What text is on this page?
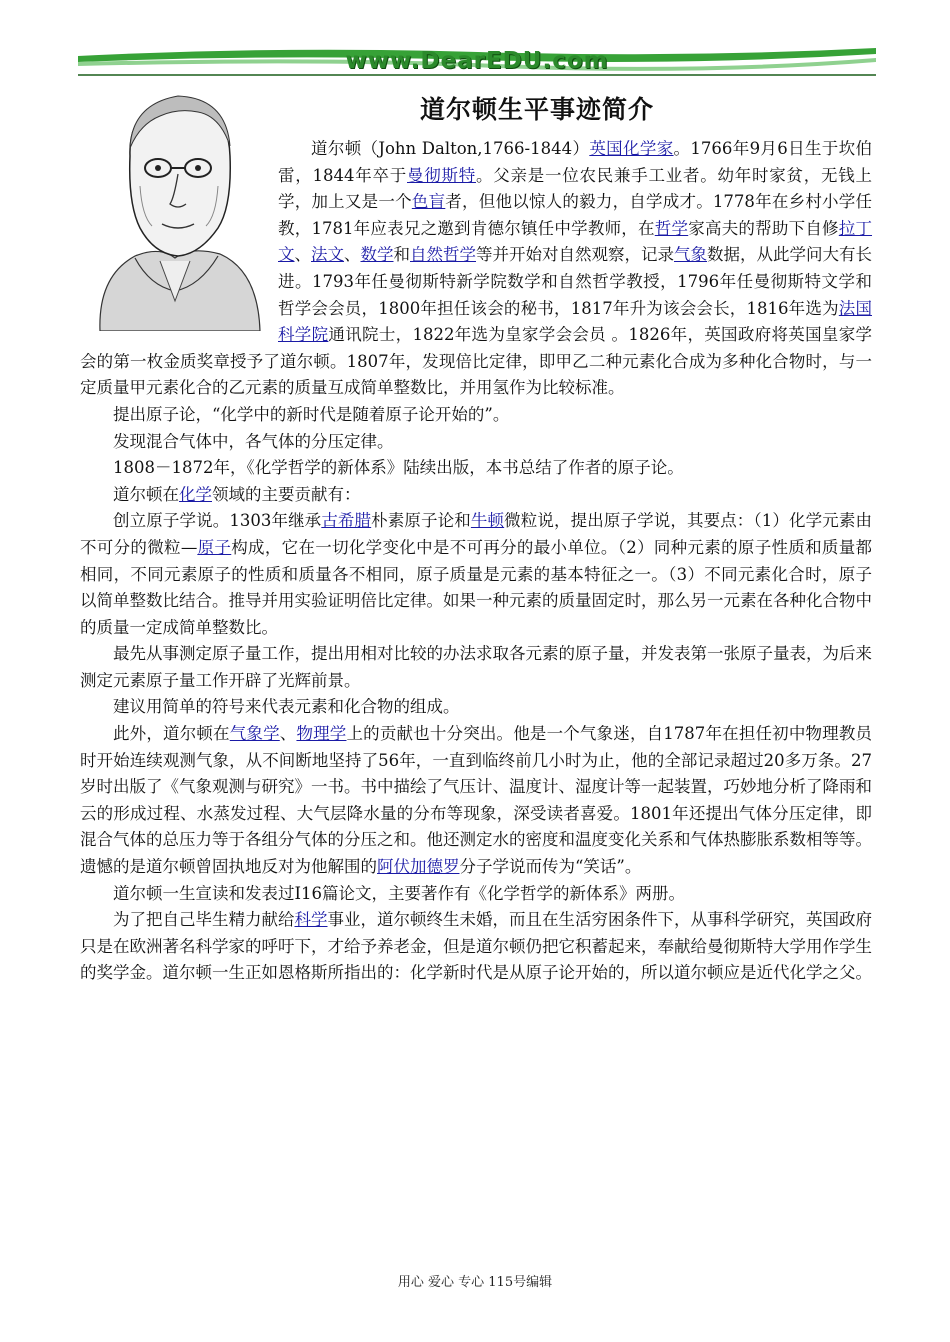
www.DearEDU.com
道尔顿生平事迹简介

道尔顿（John Dalton,1766-1844）英国化学家。1766年9月6日生于坎伯雷，1844年卒于曼彻斯特。父亲是一位农民兼手工业者。幼年时家贫，无钱上学，加上又是一个色盲者，但他以惊人的毅力，自学成才。1778年在乡村小学任教，1781年应表兄之邀到肯德尔镇任中学教师，在哲学家高夫的帮助下自修拉丁文、法文、数学和自然哲学等并开始对自然观察，记录气象数据，从此学问大有长进。1793年任曼彻斯特新学院数学和自然哲学教授，1796年任曼彻斯特文学和哲学会会员，1800年担任该会的秘书，1817年升为该会会长，1816年选为法国科学院通讯院士，1822年选为皇家学会会员 。1826年，英国政府将英国皇家学会的第一枚金质奖章授予了道尔顿。1807年，发现倍比定律，即甲乙二种元素化合成为多种化合物时，与一定质量甲元素化合的乙元素的质量互成简单整数比，并用氢作为比较标准。

提出原子论，“化学中的新时代是随着原子论开始的”。

发现混合气体中，各气体的分压定律。

1808－1872年，《化学哲学的新体系》陆续出版，本书总结了作者的原子论。

道尔顿在化学领域的主要贡献有：

创立原子学说。1303年继承古希腊朴素原子论和牛顿微粒说，提出原子学说，其要点：（1）化学元素由不可分的微粒—原子构成，它在一切化学变化中是不可再分的最小单位。（2）同种元素的原子性质和质量都相同，不同元素原子的性质和质量各不相同，原子质量是元素的基本特征之一。（3）不同元素化合时，原子以简单整数比结合。推导并用实验证明倍比定律。如果一种元素的质量固定时，那么另一元素在各种化合物中的质量一定成简单整数比。

最先从事测定原子量工作，提出用相对比较的办法求取各元素的原子量，并发表第一张原子量表，为后来测定元素原子量工作开辟了光辉前景。

建议用简单的符号来代表元素和化合物的组成。

此外，道尔顿在气象学、物理学上的贡献也十分突出。他是一个气象迷，自1787年在担任初中物理教员时开始连续观测气象，从不间断地坚持了56年，一直到临终前几小时为止，他的全部记录超过20多万条。27岁时出版了《气象观测与研究》一书。书中描绘了气压计、温度计、湿度计等一起装置，巧妙地分析了降雨和云的形成过程、水蒸发过程、大气层降水量的分布等现象，深受读者喜爱。1801年还提出气体分压定律，即混合气体的总压力等于各组分气体的分压之和。他还测定水的密度和温度变化关系和气体热膨胀系数相等等。遗憾的是道尔顿曾固执地反对为他解围的阿伏加德罗分子学说而传为“笑话”。

道尔顿一生宣读和发表过I16篇论文，主要著作有《化学哲学的新体系》两册。

为了把自己毕生精力献给科学事业，道尔顿终生未婚，而且在生活穷困条件下，从事科学研究，英国政府只是在欧洲著名科学家的呼吁下，才给予养老金，但是道尔顿仍把它积蓄起来，奉献给曼彻斯特大学用作学生的奖学金。道尔顿一生正如恩格斯所指出的：化学新时代是从原子论开始的，所以道尔顿应是近代化学之父。

用心 爱心 专心 115号编辑
